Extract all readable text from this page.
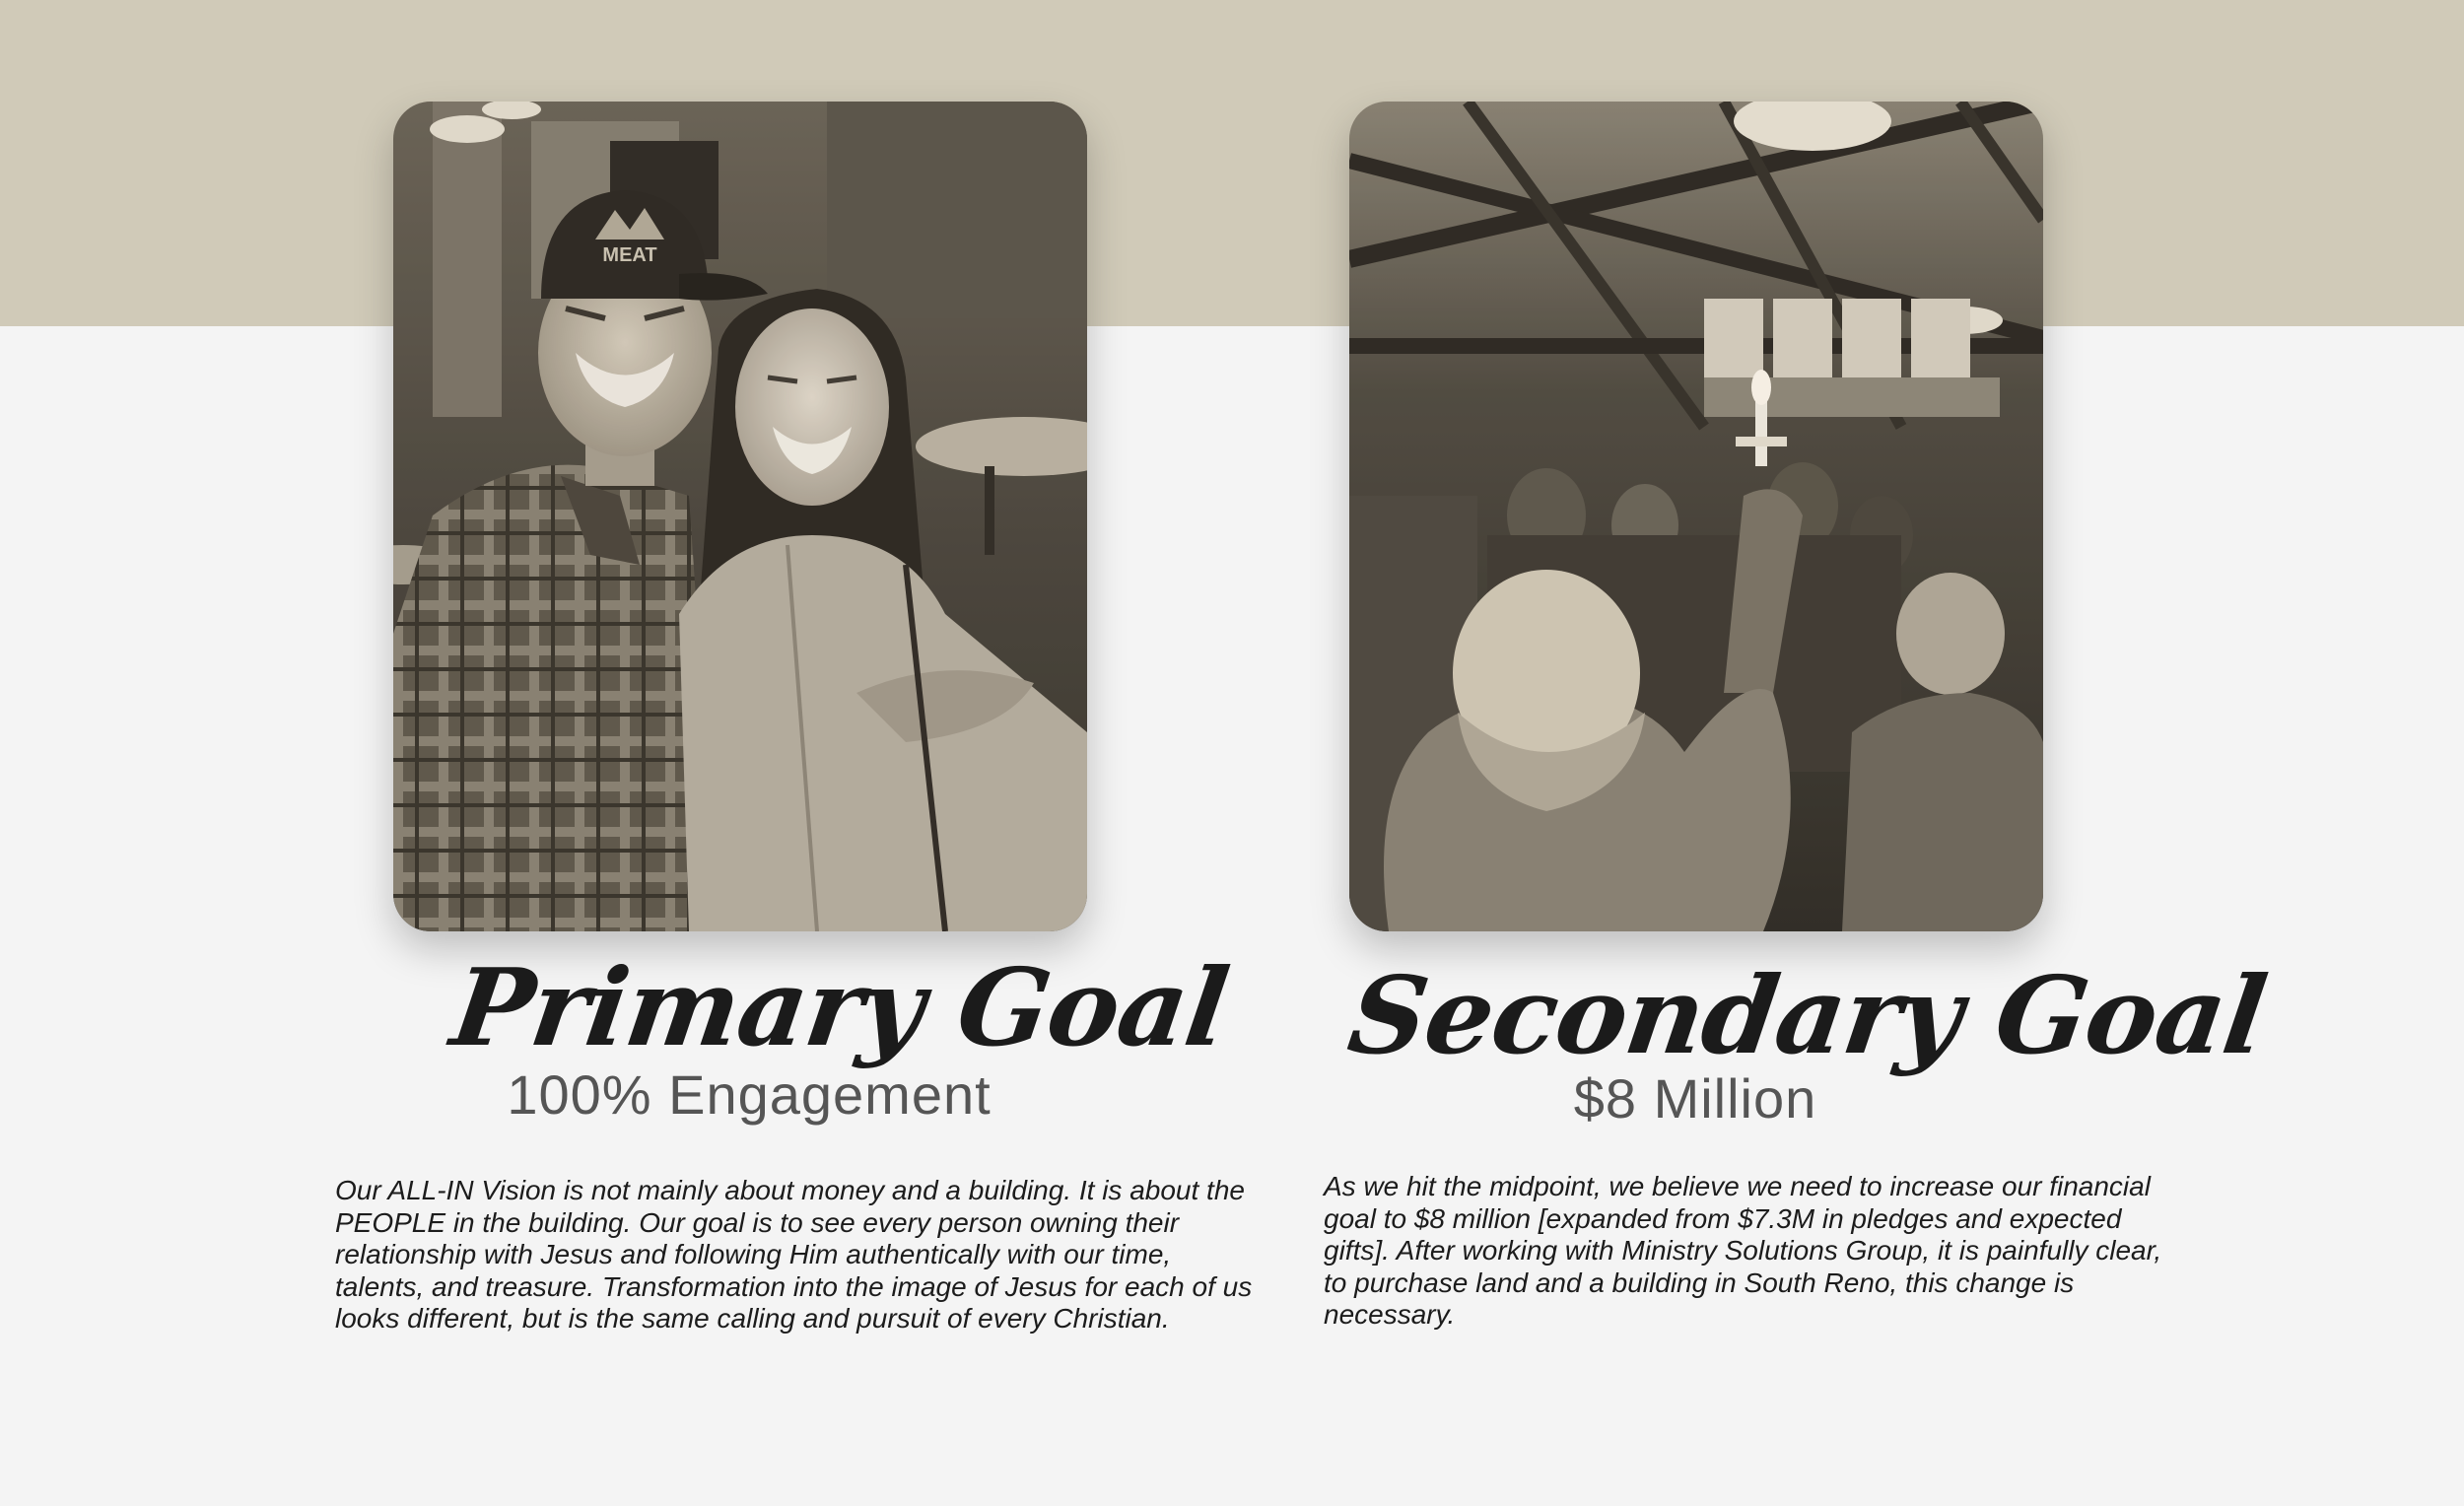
MEAT
Primary Goal
100% Engagement

Our ALL-IN Vision is not mainly about money and a building. It is about the PEOPLE in the building. Our goal is to see every person owning their relationship with Jesus and following Him authentically with our time, talents, and treasure. Transformation into the image of Jesus for each of us looks different, but is the same calling and pursuit of every Christian.

Secondary Goal
$8 Million

As we hit the midpoint, we believe we need to increase our financial goal to $8 million [expanded from $7.3M in pledges and expected gifts]. After working with Ministry Solutions Group, it is painfully clear, to purchase land and a building in South Reno, this change is necessary.
